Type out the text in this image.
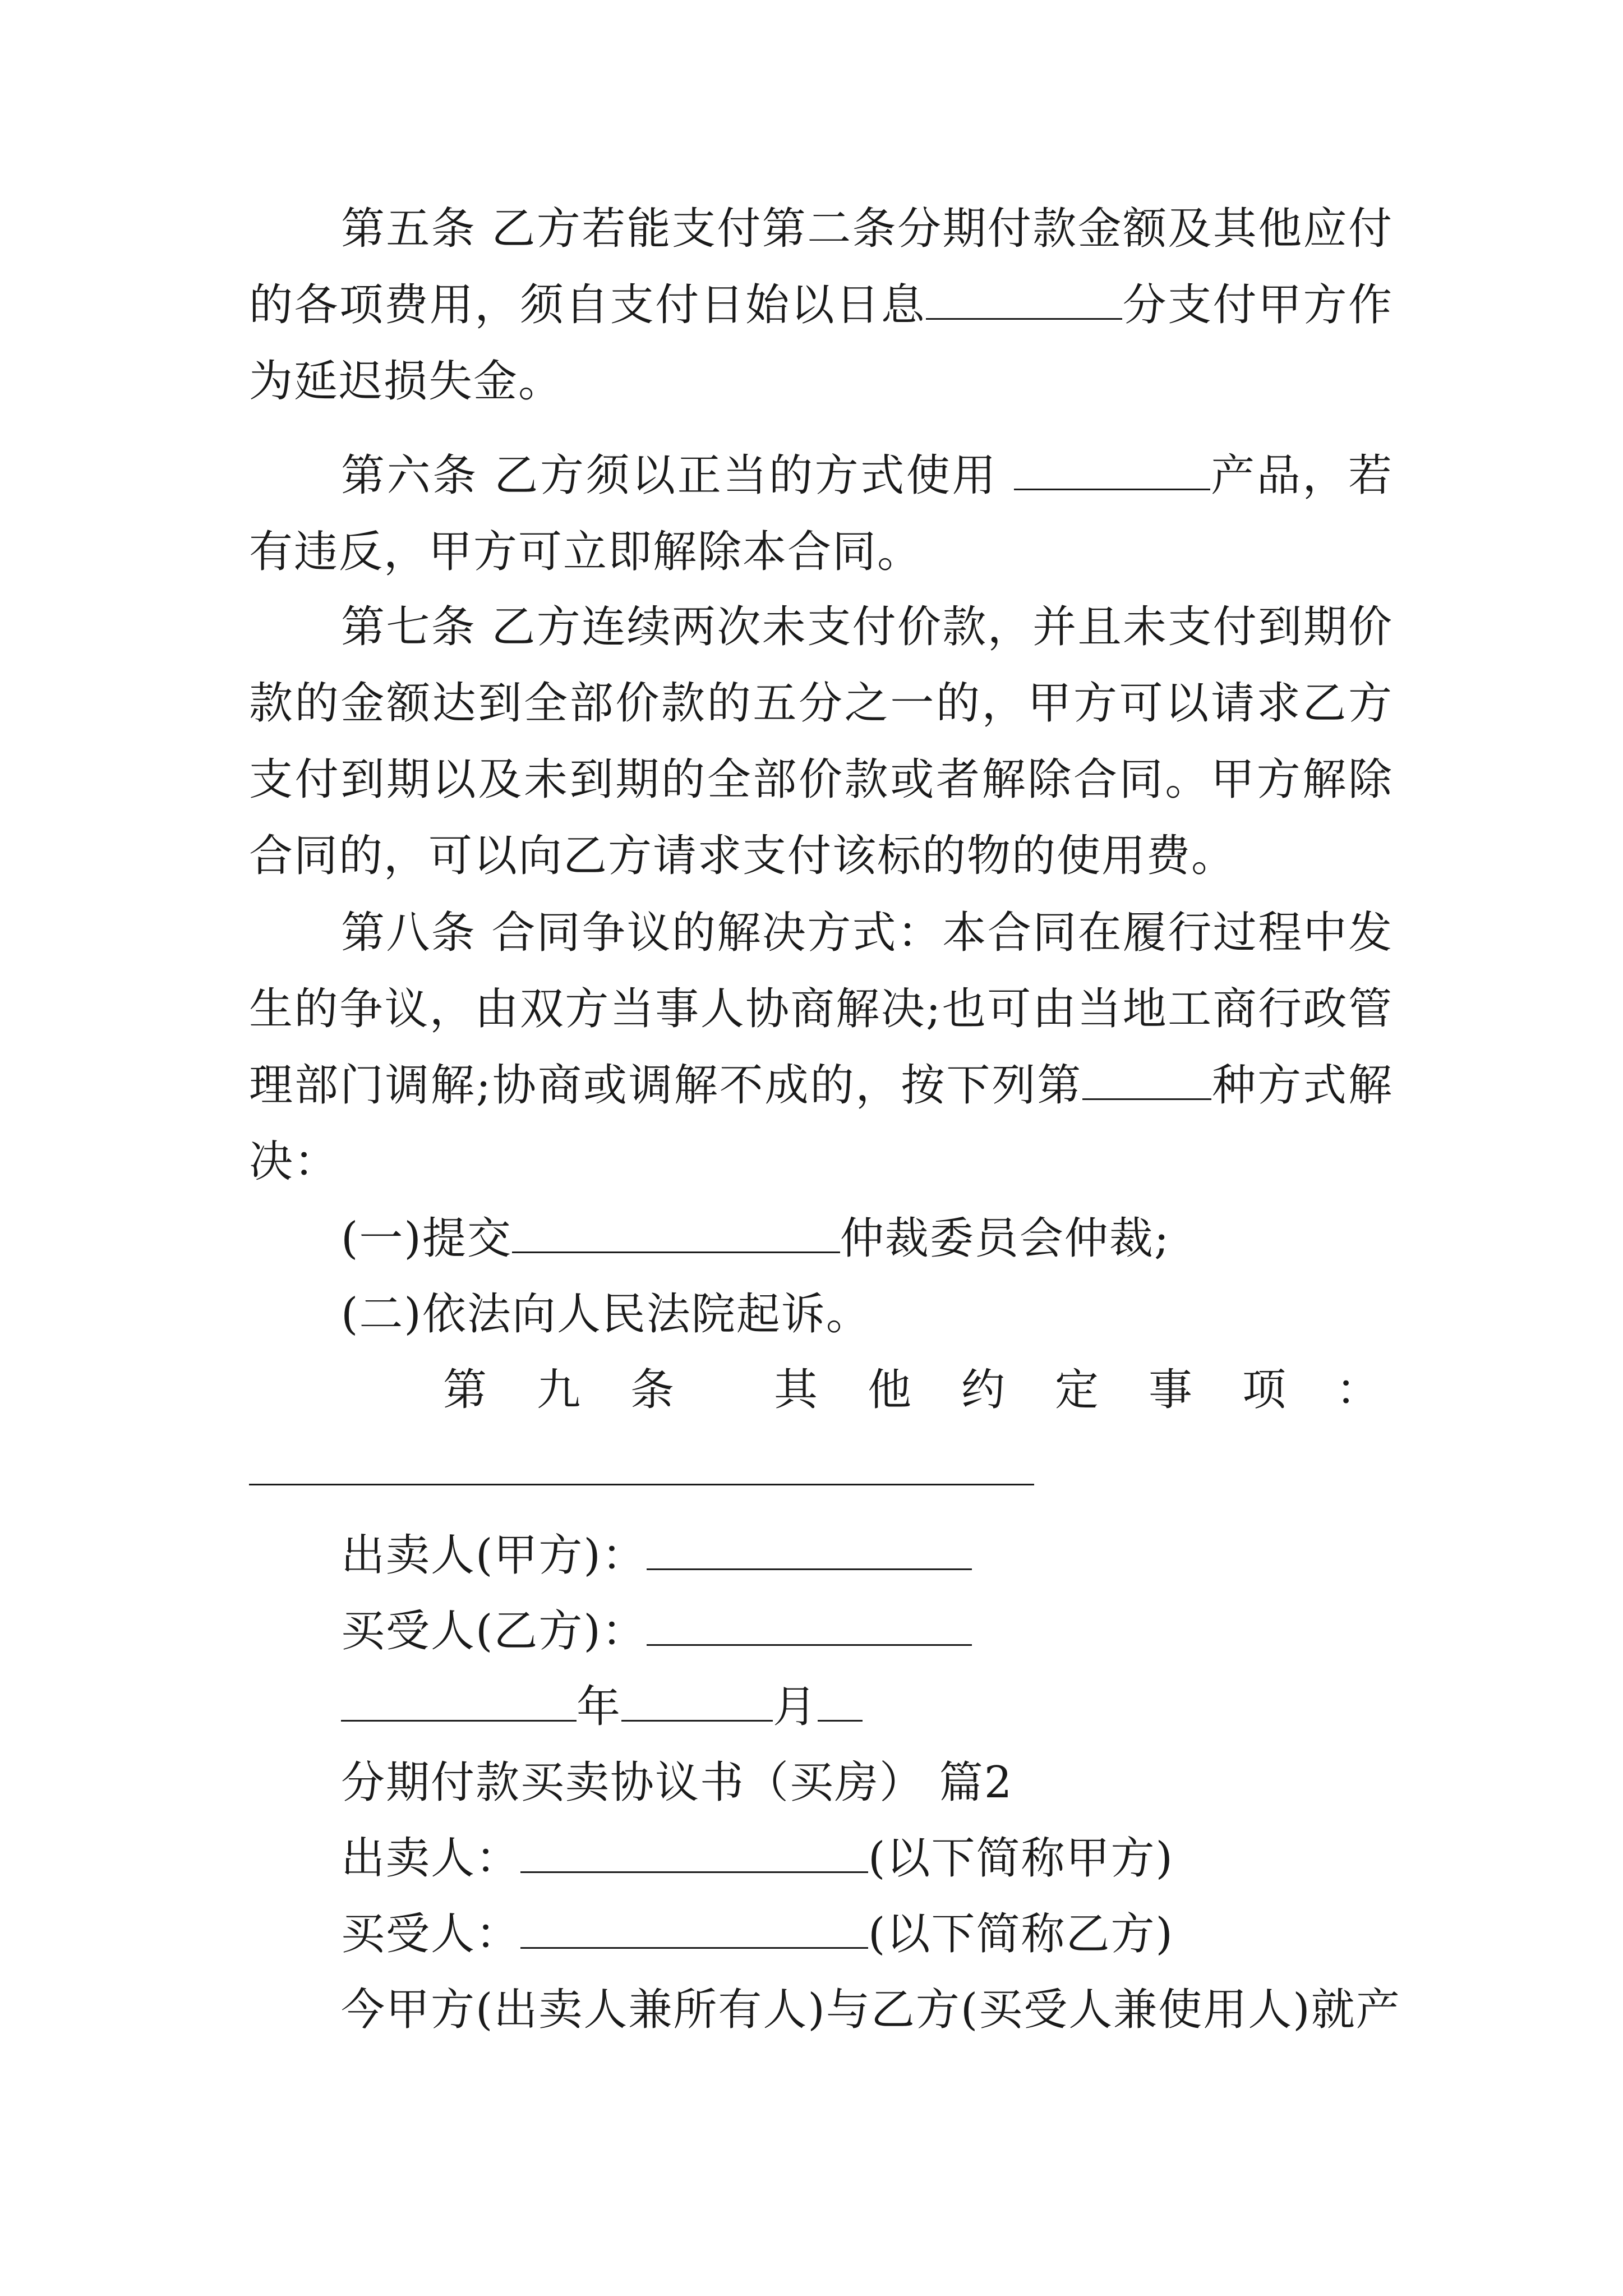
第五条 乙方若能支付第二条分期付款金额及其他应付的各项费用，须自支付日始以日息	分支付甲方作为延迟损失金。

第六条 乙方须以正当的方式使用	产品，若有违反，甲方可立即解除本合同。

第七条 乙方连续两次未支付价款，并且未支付到期价款的金额达到全部价款的五分之一的，甲方可以请求乙方支付到期以及未到期的全部价款或者解除合同。甲方解除合同的，可以向乙方请求支付该标的物的使用费。

第八条 合同争议的解决方式：本合同在履行过程中发生的争议，由双方当事人协商解决;也可由当地工商行政管理部门调解;协商或调解不成的，按下列第	种方式解决：

(一)提交	仲裁委员会仲裁;

(二)依法向人民法院起诉。

第 九 条 其 他 约 定 事 项 ：

出卖人(甲方)：

买受人(乙方)：

年	月

分期付款买卖协议书（买房） 篇2

出卖人：	(以下简称甲方)

买受人：	(以下简称乙方)

今甲方(出卖人兼所有人)与乙方(买受人兼使用人)就产
